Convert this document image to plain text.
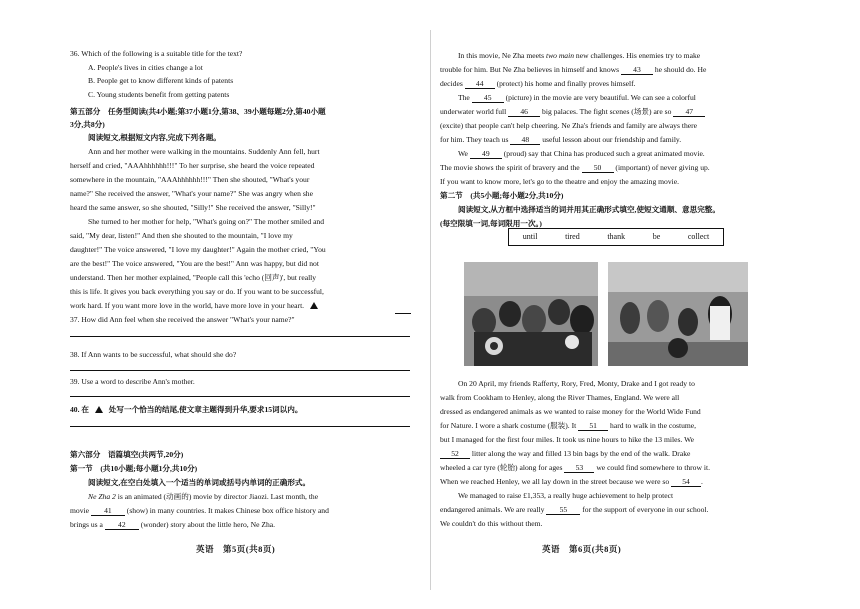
36. Which of the following is a suitable title for the text?
A. People's lives in cities change a lot
B. People get to know different kinds of patents
C. Young students benefit from getting patents
第五部分　任务型阅读(共4小题;第37小题1分,第38、39小题每题2分,第40小题
3分,共8分)
阅读短文,根据短文内容,完成下列各题。
Ann and her mother were walking in the mountains. Suddenly Ann fell, hurt
herself and cried, "AAAhhhhhh!!!" To her surprise, she heard the voice repeated
somewhere in the mountain, "AAAhhhhhh!!!" Then she shouted, "What's your
name?" She received the answer, "What's your name?" She was angry when she
heard the same answer, so she shouted, "Silly!" She received the answer, "Silly!"
She turned to her mother for help, "What's going on?" The mother smiled and
said, "My dear, listen!" And then she shouted to the mountain, "I love my
daughter!" The voice answered, "I love my daughter!" Again the mother cried, "You
are the best!" The voice answered, "You are the best!" Ann was happy, but did not
understand. Then her mother explained, "People call this 'echo (回声)', but really
this is life. It gives you back everything you say or do. If you want to be successful,
work hard. If you want more love in the world, have more love in your heart.
37. How did Ann feel when she received the answer "What's your name?"
38. If Ann wants to be successful, what should she do?
39. Use a word to describe Ann's mother.
40. 在	处写一个恰当的结尾,使文章主题得到升华,要求15词以内。
第六部分　语篇填空(共两节,20分)
第一节　(共10小题;每小题1分,共10分)
阅读短文,在空白处填入一个适当的单词或括号内单词的正确形式。
Ne Zha 2 is an animated (动画的) movie by director Jiaozi. Last month, the
movie 41 (show) in many countries. It makes Chinese box office history and
brings us a 42 (wonder) story about the little hero, Ne Zha.
英语　第5页(共8页)
In this movie, Ne Zha meets two main new challenges. His enemies try to make
trouble for him. But Ne Zha believes in himself and knows 43 he should do. He
decides 44 (protect) his home and finally proves himself.
The 45 (picture) in the movie are very beautiful. We can see a colorful
underwater world full 46 big palaces. The fight scenes (场景) are so 47
(excite) that people can't help cheering. Ne Zha's friends and family are always there
for him. They teach us 48 useful lesson about our friendship and family.
We 49 (proud) say that China has produced such a great animated movie.
The movie shows the spirit of bravery and the 50 (important) of never giving up.
If you want to know more, let's go to the theatre and enjoy the amazing movie.
第二节　(共5小题;每小题2分,共10分)
阅读短文,从方框中选择适当的词并用其正确形式填空,使短文通顺、意思完整。
(每空限填一词,每词限用一次。)
until	tired	thank	be	collect
On 20 April, my friends Rafferty, Rory, Fred, Monty, Drake and I got ready to
walk from Cookham to Henley, along the River Thames, England. We were all
dressed as endangered animals as we wanted to raise money for the World Wide Fund
for Nature. I wore a shark costume (服装). It 51 hard to walk in the costume,
but I managed for the first four miles. It took us nine hours to hike the 13 miles. We
52 litter along the way and filled 13 bin bags by the end of the walk. Drake
wheeled a car tyre (轮胎) along for ages 53 we could find somewhere to throw it.
When we reached Henley, we all lay down in the street because we were so 54 .
We managed to raise £1,353, a really huge achievement to help protect
endangered animals. We are really 55 for the support of everyone in our school.
We couldn't do this without them.
英语　第6页(共8页)
